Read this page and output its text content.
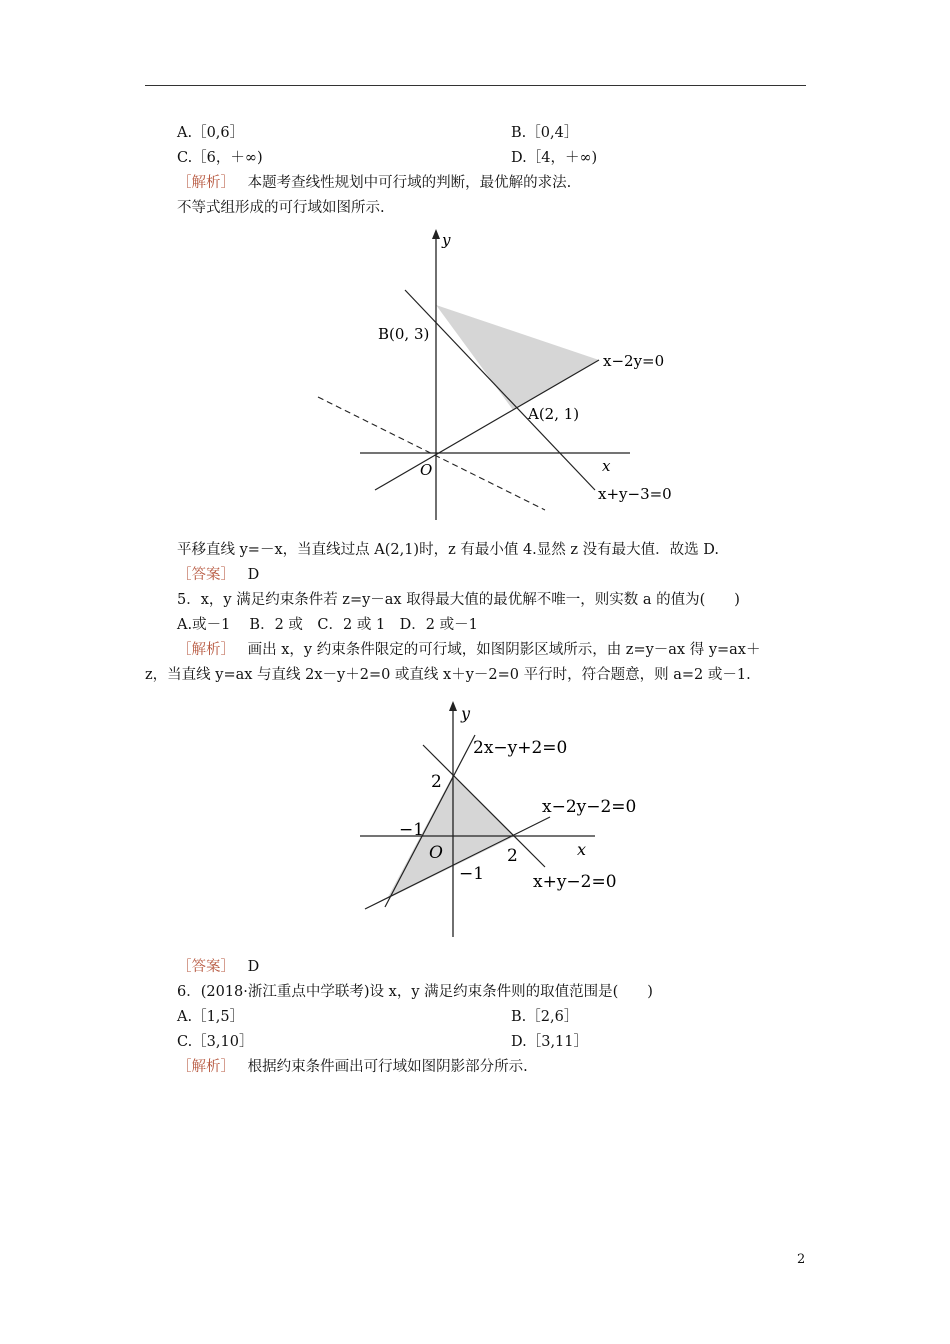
A.［0,6］	B.［0,4］
C.［6，＋∞)	D.［4，＋∞)
［解析］ 本题考查线性规划中可行域的判断，最优解的求法.
不等式组形成的可行域如图所示.
y
x
O
B(0, 3)
A(2, 1)
x−2y=0
x+y−3=0
平移直线 y=－x，当直线过点 A(2,1)时，z 有最小值 4.显然 z 没有最大值．故选 D.
［答案］ D
5．x，y 满足约束条件若 z=y－ax 取得最大值的最优解不唯一，则实数 a 的值为(　　)
A.或－1　 B．2 或　C．2 或 1　D．2 或－1
［解析］ 画出 x，y 约束条件限定的可行域，如图阴影区域所示，由 z=y－ax 得 y=ax＋
z，当直线 y=ax 与直线 2x－y＋2=0 或直线 x＋y－2=0 平行时，符合题意，则 a=2 或－1.
y
x
O
2
−1
2
−1
2x−y+2=0
x−2y−2=0
x+y−2=0
［答案］ D
6．(2018·浙江重点中学联考)设 x，y 满足约束条件则的取值范围是(　　)
A.［1,5］	B.［2,6］
C.［3,10］	D.［3,11］
［解析］ 根据约束条件画出可行域如图阴影部分所示.
2
